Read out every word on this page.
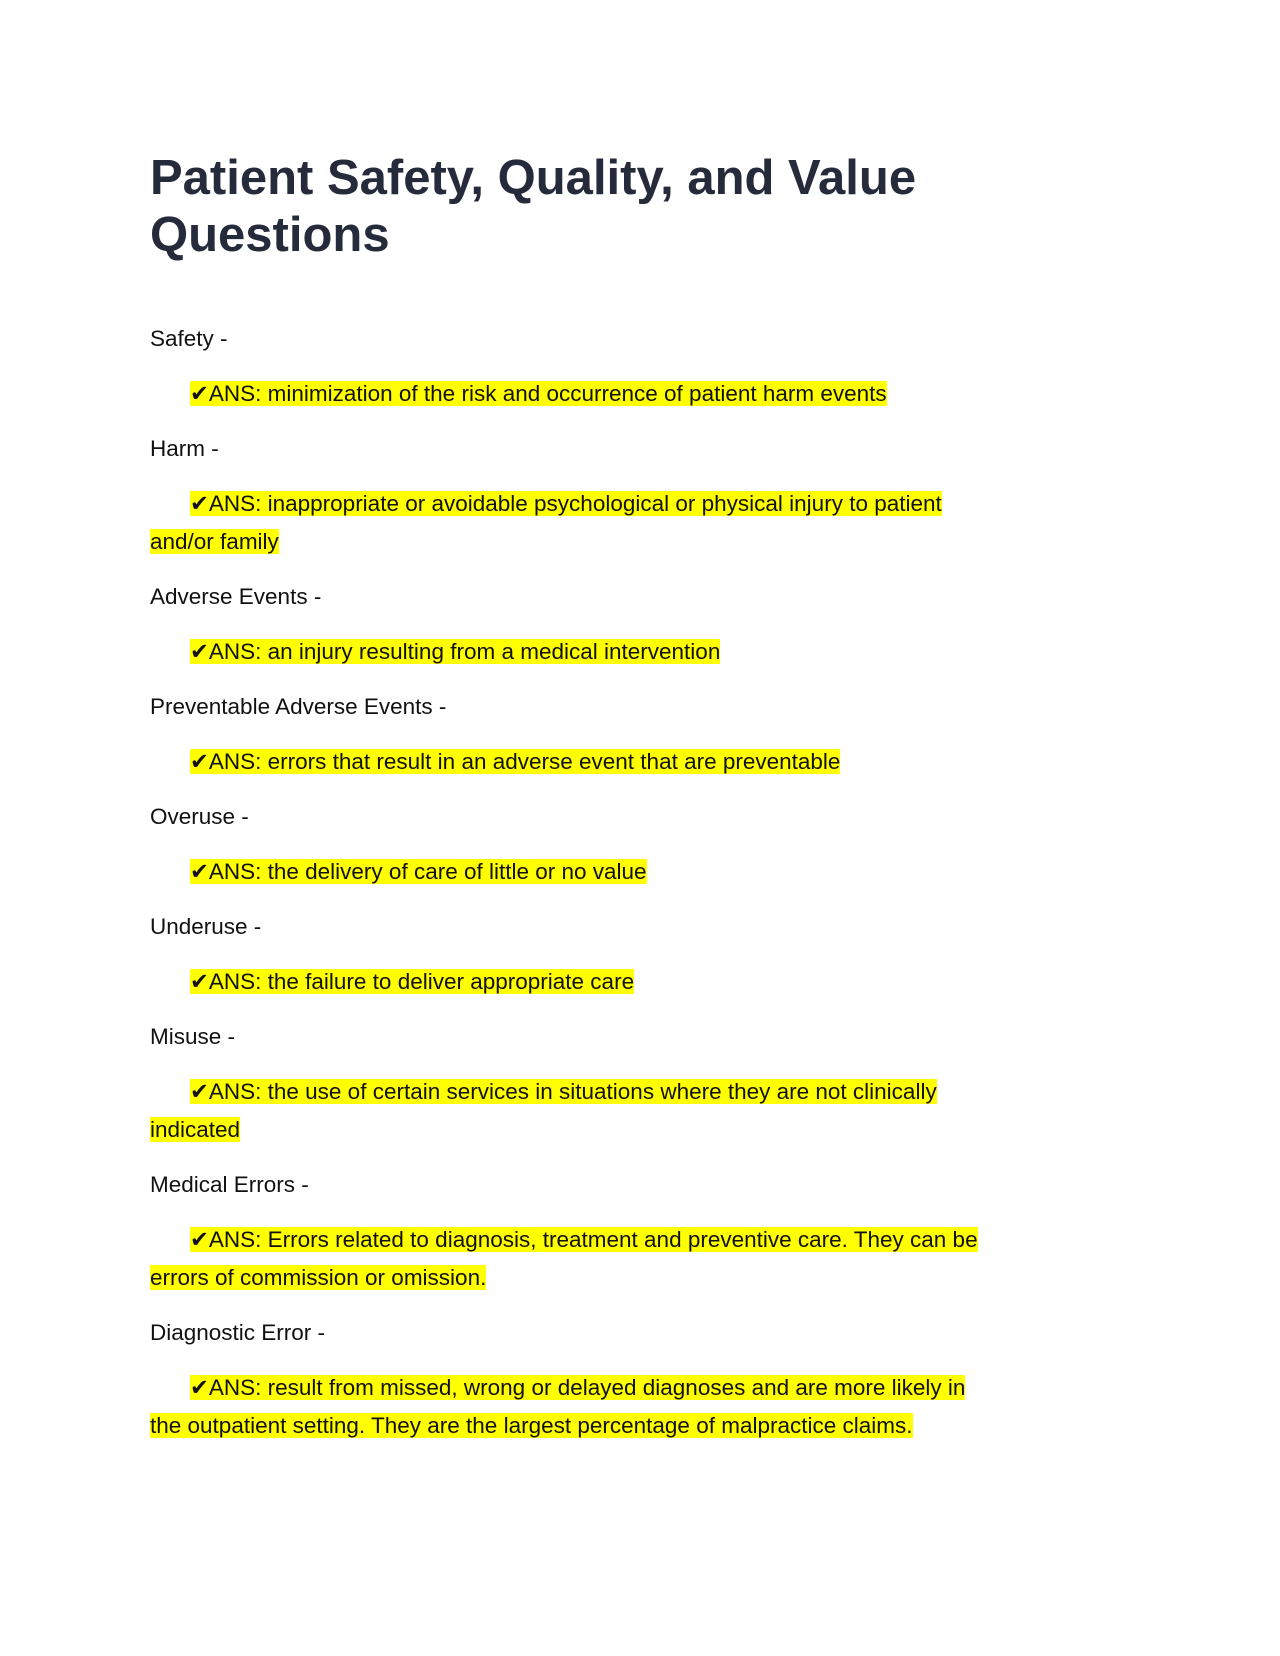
Patient Safety, Quality, and Value Questions

Safety -

✔ANS: minimization of the risk and occurrence of patient harm events

Harm -

✔ANS: inappropriate or avoidable psychological or physical injury to patient
and/or family

Adverse Events -

✔ANS: an injury resulting from a medical intervention

Preventable Adverse Events -

✔ANS: errors that result in an adverse event that are preventable

Overuse -

✔ANS: the delivery of care of little or no value

Underuse -

✔ANS: the failure to deliver appropriate care

Misuse -

✔ANS: the use of certain services in situations where they are not clinically
indicated

Medical Errors -

✔ANS: Errors related to diagnosis, treatment and preventive care. They can be
errors of commission or omission.

Diagnostic Error -

✔ANS: result from missed, wrong or delayed diagnoses and are more likely in
the outpatient setting. They are the largest percentage of malpractice claims.
